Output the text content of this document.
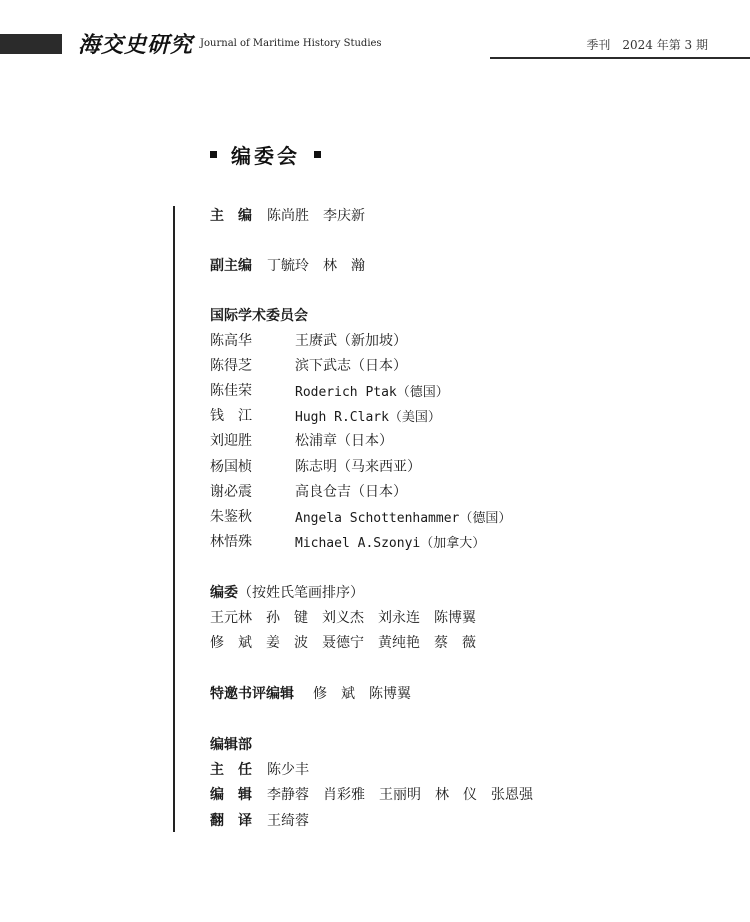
海交史研究 Journal of Maritime History Studies	季刊　2024 年第 3 期
编委会
主　编 陈尚胜　李庆新
副主编 丁毓玲　林　瀚
国际学术委员会
陈高华	王赓武（新加坡）
陈得芝	滨下武志（日本）
陈佳荣	Roderich Ptak（德国）
钱　江	Hugh R.Clark（美国）
刘迎胜	松浦章（日本）
杨国桢	陈志明（马来西亚）
谢必震	高良仓吉（日本）
朱鉴秋	Angela Schottenhammer（德国）
林悟殊	Michael A.Szonyi（加拿大）
编委（按姓氏笔画排序）
王元林　孙　键　刘义杰　刘永连　陈博翼
修　斌　姜　波　聂德宁　黄纯艳　蔡　薇
特邀书评编辑 修　斌　陈博翼
编辑部
主　任 陈少丰
编　辑 李静蓉　肖彩雅　王丽明　林　仪　张恩强
翻　译 王绮蓉
